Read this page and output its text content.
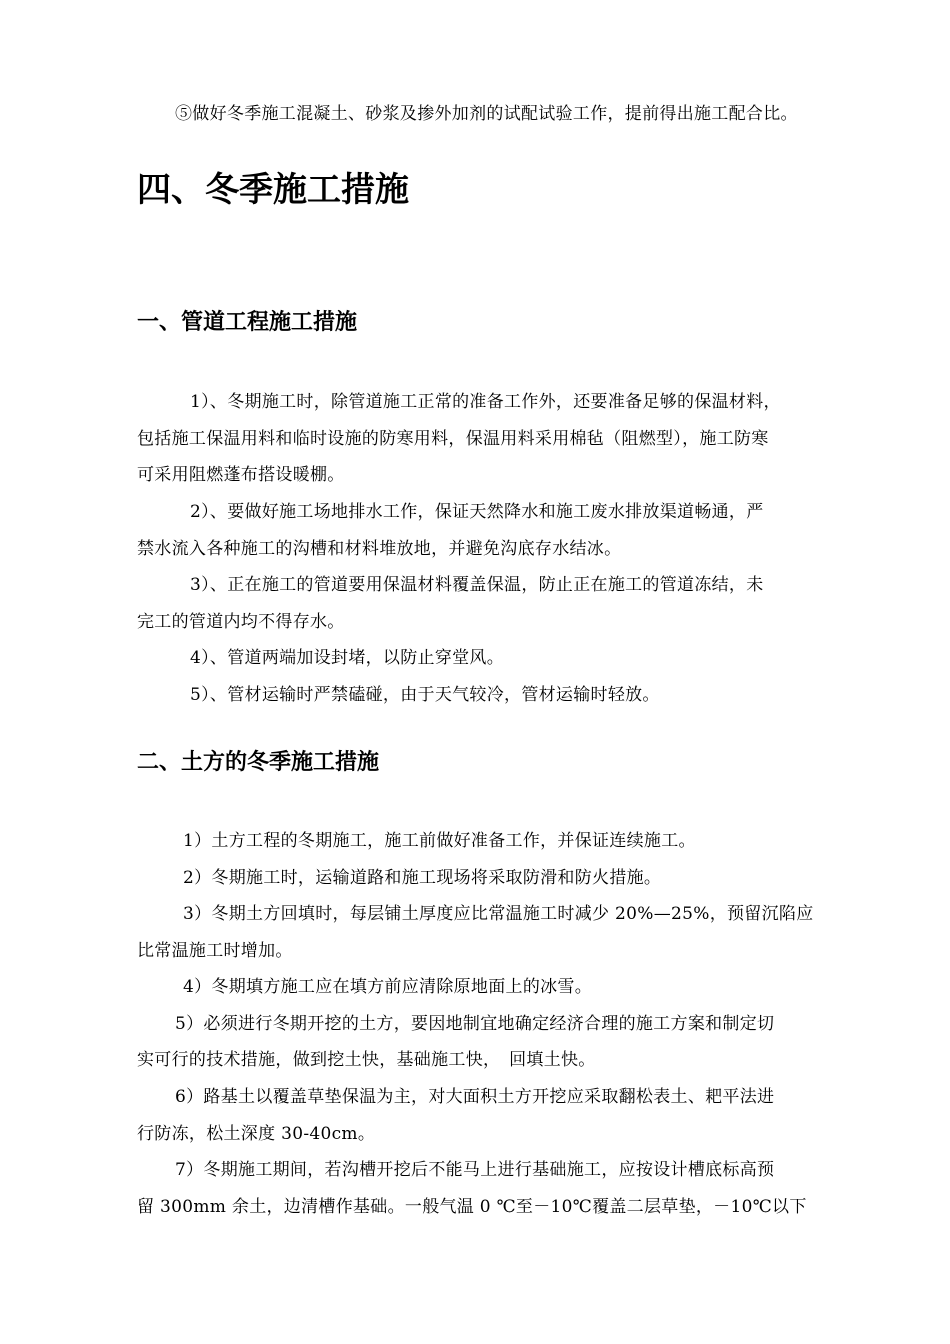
⑤做好冬季施工混凝土、砂浆及掺外加剂的试配试验工作，提前得出施工配合比。
四、冬季施工措施
一、管道工程施工措施
1）、冬期施工时，除管道施工正常的准备工作外，还要准备足够的保温材料，
包括施工保温用料和临时设施的防寒用料，保温用料采用棉毡（阻燃型），施工防寒
可采用阻燃蓬布搭设暖棚。
2）、要做好施工场地排水工作，保证天然降水和施工废水排放渠道畅通，严
禁水流入各种施工的沟槽和材料堆放地，并避免沟底存水结冰。
3）、正在施工的管道要用保温材料覆盖保温，防止正在施工的管道冻结，未
完工的管道内均不得存水。
4）、管道两端加设封堵，以防止穿堂风。
5）、管材运输时严禁磕碰，由于天气较冷，管材运输时轻放。
二、土方的冬季施工措施
1）土方工程的冬期施工，施工前做好准备工作，并保证连续施工。
2）冬期施工时，运输道路和施工现场将采取防滑和防火措施。
3）冬期土方回填时，每层铺土厚度应比常温施工时减少 20%—25%，预留沉陷应
比常温施工时增加。
4）冬期填方施工应在填方前应清除原地面上的冰雪。
5）必须进行冬期开挖的土方，要因地制宜地确定经济合理的施工方案和制定切
实可行的技术措施，做到挖土快，基础施工快，　回填土快。
6）路基土以覆盖草垫保温为主，对大面积土方开挖应采取翻松表土、耙平法进
行防冻，松土深度 30-40cm。
7）冬期施工期间，若沟槽开挖后不能马上进行基础施工，应按设计槽底标高预
留 300mm 余土，边清槽作基础。一般气温 0 ℃至－10℃覆盖二层草垫，－10℃以下
